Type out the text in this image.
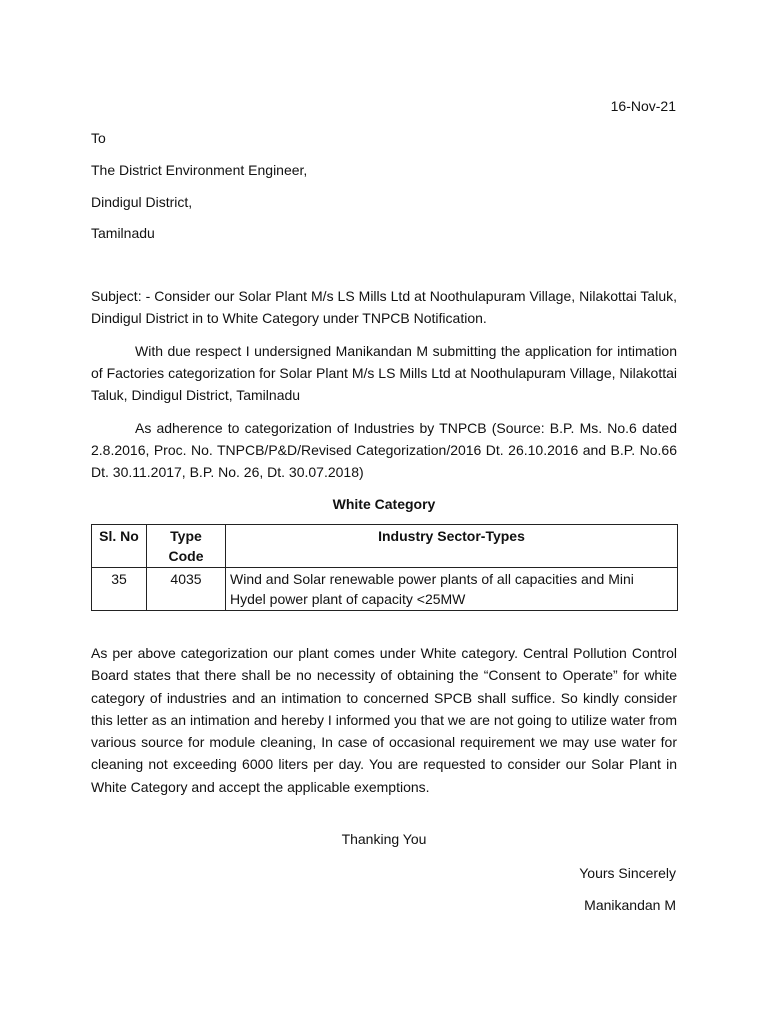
16-Nov-21

To

The District Environment Engineer,

Dindigul District,

Tamilnadu

Subject: - Consider our Solar Plant M/s LS Mills Ltd at Noothulapuram Village, Nilakottai Taluk, Dindigul District in to White Category under TNPCB Notification.

With due respect I undersigned Manikandan M submitting the application for intimation of Factories categorization for Solar Plant M/s LS Mills Ltd at Noothulapuram Village, Nilakottai Taluk, Dindigul District, Tamilnadu

As adherence to categorization of Industries by TNPCB (Source: B.P. Ms. No.6 dated 2.8.2016, Proc. No. TNPCB/P&D/Revised Categorization/2016 Dt. 26.10.2016 and B.P. No.66 Dt. 30.11.2017, B.P. No. 26, Dt. 30.07.2018)

White Category

Sl. No	Type Code	Industry Sector-Types
35	4035	Wind and Solar renewable power plants of all capacities and Mini Hydel power plant of capacity <25MW

As per above categorization our plant comes under White category. Central Pollution Control Board states that there shall be no necessity of obtaining the “Consent to Operate” for white category of industries and an intimation to concerned SPCB shall suffice. So kindly consider this letter as an intimation and hereby I informed you that we are not going to utilize water from various source for module cleaning, In case of occasional requirement we may use water for cleaning not exceeding 6000 liters per day. You are requested to consider our Solar Plant in White Category and accept the applicable exemptions.

Thanking You

Yours Sincerely

Manikandan M
